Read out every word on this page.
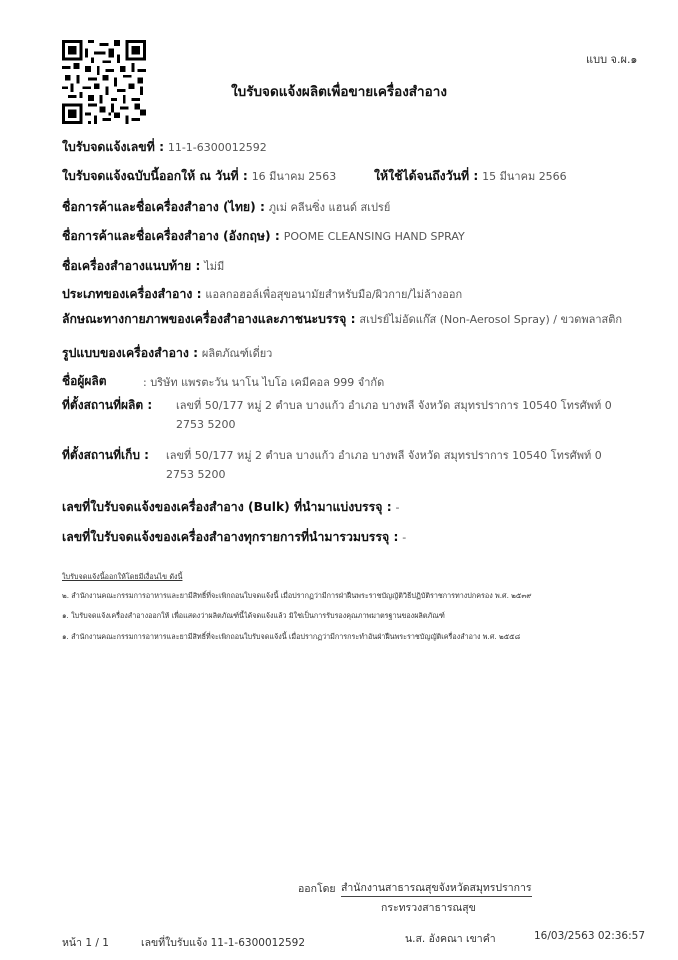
แบบ จ.ผ.๑
ใบรับจดแจ้งผลิตเพื่อขายเครื่องสำอาง
ใบรับจดแจ้งเลขที่ : 11-1-6300012592
ใบรับจดแจ้งฉบับนี้ออกให้ ณ วันที่ : 16 มีนาคม 2563	ให้ใช้ได้จนถึงวันที่ : 15 มีนาคม 2566
ชื่อการค้าและชื่อเครื่องสำอาง (ไทย) : ภูเม่ คลีนซิ่ง แฮนด์ สเปรย์
ชื่อการค้าและชื่อเครื่องสำอาง (อังกฤษ) : POOME CLEANSING HAND SPRAY
ชื่อเครื่องสำอางแนบท้าย : ไม่มี
ประเภทของเครื่องสำอาง : แอลกอฮอล์เพื่อสุขอนามัยสำหรับมือ/ผิวกาย/ไม่ล้างออก
ลักษณะทางกายภาพของเครื่องสำอางและภาชนะบรรจุ : สเปรย์ไม่อัดแก๊ส (Non-Aerosol Spray) / ขวดพลาสติก
รูปแบบของเครื่องสำอาง : ผลิตภัณฑ์เดี่ยว
ชื่อผู้ผลิต	: บริษัท แพรตะวัน นาโน ไบโอ เคมีคอล 999 จำกัด
ที่ตั้งสถานที่ผลิต : เลขที่ 50/177 หมู่ 2 ตำบล บางแก้ว อำเภอ บางพลี จังหวัด สมุทรปราการ 10540 โทรศัพท์ 0
2753 5200
ที่ตั้งสถานที่เก็บ : เลขที่ 50/177 หมู่ 2 ตำบล บางแก้ว อำเภอ บางพลี จังหวัด สมุทรปราการ 10540 โทรศัพท์ 0
2753 5200
เลขที่ใบรับจดแจ้งของเครื่องสำอาง (Bulk) ที่นำมาแบ่งบรรจุ : -
เลขที่ใบรับจดแจ้งของเครื่องสำอางทุกรายการที่นำมารวมบรรจุ : -
ใบรับจดแจ้งนี้ออกให้โดยมีเงื่อนไข ดังนี้
๒. สำนักงานคณะกรรมการอาหารและยามีสิทธิ์ที่จะเพิกถอนใบจดแจ้งนี้ เมื่อปรากฏว่ามีการฝ่าฝืนพระราชบัญญัติวิธีปฏิบัติราชการทางปกครอง พ.ศ. ๒๕๓๙
๑. ใบรับจดแจ้งเครื่องสำอางออกให้ เพื่อแสดงว่าผลิตภัณฑ์นี้ได้จดแจ้งแล้ว มิใช่เป็นการรับรองคุณภาพมาตรฐานของผลิตภัณฑ์
๑. สำนักงานคณะกรรมการอาหารและยามีสิทธิ์ที่จะเพิกถอนใบรับจดแจ้งนี้ เมื่อปรากฏว่ามีการกระทำอันฝ่าฝืนพระราชบัญญัติเครื่องสำอาง พ.ศ. ๒๕๕๘
ออกโดย สำนักงานสาธารณสุขจังหวัดสมุทรปราการ
กระทรวงสาธารณสุข
หน้า 1 / 1	เลขที่ใบรับแจ้ง 11-1-6300012592	น.ส. อังคณา เขาคำ	16/03/2563 02:36:57
